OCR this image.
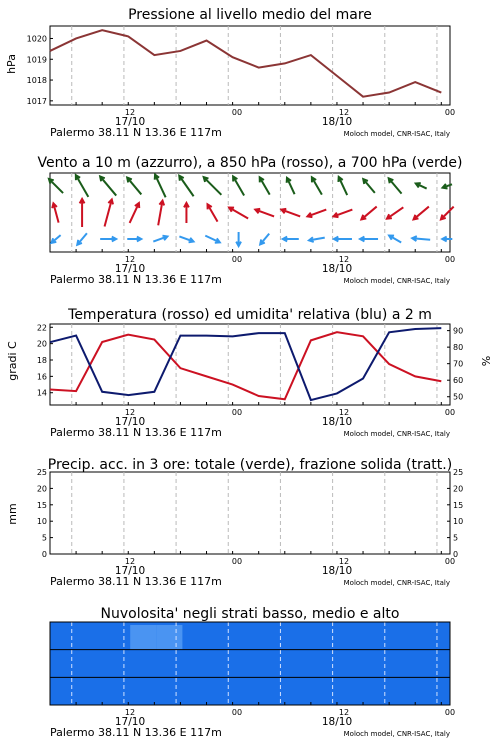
1017
1018
1019
1020
Pressione al livello medio del mare
hPa
Vento a 10 m (azzurro), a 850 hPa (rosso), a 700 hPa (verde)
14
16
18
20
22
50
60
70
80
90
Temperatura (rosso) ed umidita' relativa (blu) a 2 m
gradi C	%
0	0
5	5
10	10
15	15
20	20
25	25
Precip. acc. in 3 ore: totale (verde), frazione solida (tratt.)
mm
Nuvolosita' negli strati basso, medio e alto
12	00	12	00
17/10	18/10
Palermo 38.11 N 13.36 E 117m	Moloch model, CNR-ISAC, Italy
12	00	12	00
17/10	18/10
Palermo 38.11 N 13.36 E 117m	Moloch model, CNR-ISAC, Italy
12	00	12	00
17/10	18/10
Palermo 38.11 N 13.36 E 117m	Moloch model, CNR-ISAC, Italy
12	00	12	00
17/10	18/10
Palermo 38.11 N 13.36 E 117m	Moloch model, CNR-ISAC, Italy
12	00	12	00
17/10	18/10
Palermo 38.11 N 13.36 E 117m	Moloch model, CNR-ISAC, Italy
